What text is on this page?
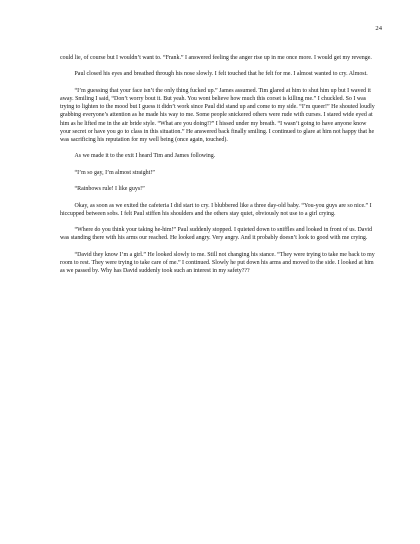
24

could lie, of course but I wouldn’t want to. “Frank.” I answered feeling the anger rise up in me once more. I would get my revenge.

Paul closed his eyes and breathed through his nose slowly. I felt touched that he felt for me. I almost wanted to cry. Almost.

“I’m guessing that your face isn’t the only thing fucked up.” James assumed. Tim glared at him to shut him up but I waved it away. Smiling I said, “Don’t worry bout it. But yeah. You wont believe how much this corset is killing me.” I chuckled. So I was trying to lighten to the mood but I guess it didn’t work since Paul did stand up and come to my side. “I’m queer!” He shouted loudly grabbing everyone’s attention as he made his way to me. Some people snickered others were rude with curses. I stared wide eyed at him as he lifted me in the air bride style. “What are you doing!?” I hissed under my breath. “I wasn’t going to have anyone know your secret or have you go to class in this situation.” He answered back finally smiling. I continued to glare at him not happy that he was sacrificing his reputation for my well being (once again, touched).

As we made it to the exit I heard Tim and James following.

“I’m so gay, I’m almost straight!”

“Rainbows rule! I like guys!”

Okay, as soon as we exited the cafeteria I did start to cry. I blubbered like a three day-old baby. “You-you guys are so nice.” I hiccupped between sobs. I felt Paul stiffen his shoulders and the others stay quiet, obviously not use to a girl crying.

“Where do you think your taking he-him!” Paul suddenly stopped. I quieted down to sniffles and looked in front of us. David was standing there with his arms our reached. He looked angry. Very angry. And it probably doesn’t look to good with me crying.

“David they know I’m a girl.” He looked slowly to me. Still not changing his stance. “They were trying to take me back to my room to rest. They were trying to take care of me.” I continued. Slowly he put down his arms and moved to the side. I looked at him as we passed by. Why has David suddenly took such an interest in my safety???
